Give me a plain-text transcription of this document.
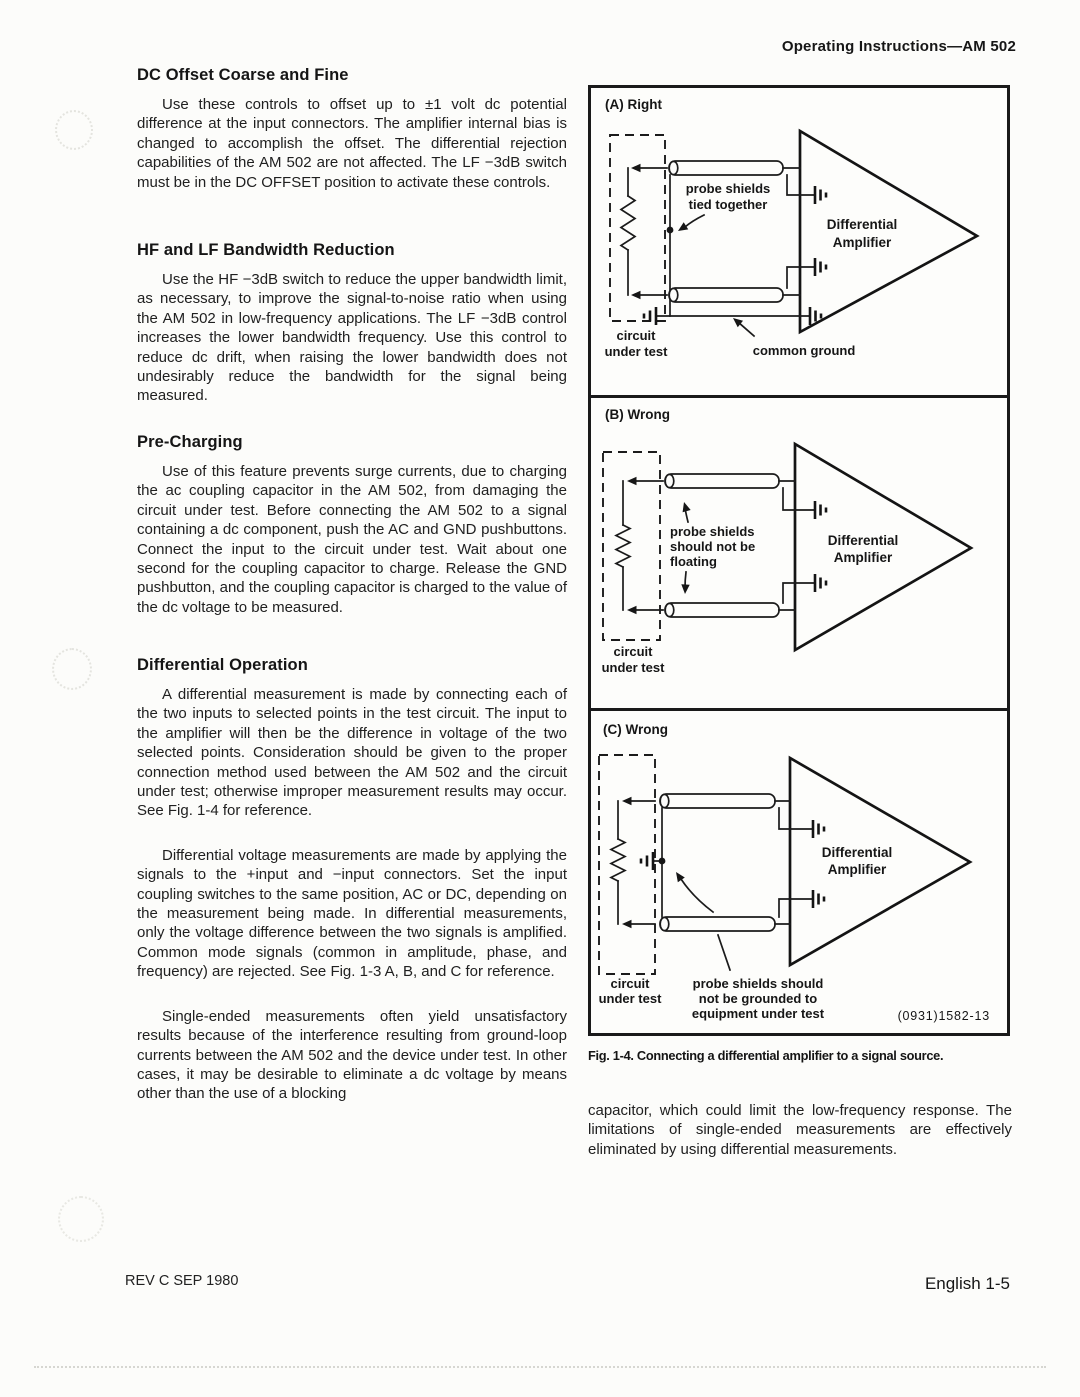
Operating Instructions—AM 502
DC Offset Coarse and Fine

Use these controls to offset up to ±1 volt dc potential difference at the input connectors. The amplifier internal bias is changed to accomplish the offset. The differential rejection capabilities of the AM 502 are not affected. The LF −3dB switch must be in the DC OFFSET position to activate these controls.

HF and LF Bandwidth Reduction

Use the HF −3dB switch to reduce the upper bandwidth limit, as necessary, to improve the signal-to-noise ratio when using the AM 502 in low-frequency applications. The LF −3dB control increases the lower bandwidth frequency. Use this control to reduce dc drift, when raising the lower bandwidth does not undesirably reduce the bandwidth for the signal being measured.

Pre-Charging

Use of this feature prevents surge currents, due to charging the ac coupling capacitor in the AM 502, from damaging the circuit under test. Before connecting the AM 502 to a signal containing a dc component, push the AC and GND pushbuttons. Connect the input to the circuit under test. Wait about one second for the coupling capacitor to charge. Release the GND pushbutton, and the coupling capacitor is charged to the value of the dc voltage to be measured.

Differential Operation

A differential measurement is made by connecting each of the two inputs to selected points in the test circuit. The input to the amplifier will then be the difference in voltage of the two selected points. Consideration should be given to the proper connection method used between the AM 502 and the circuit under test; otherwise improper measurement results may occur. See Fig. 1-4 for reference.

Differential voltage measurements are made by applying the signals to the +input and −input connectors. Set the input coupling switches to the same position, AC or DC, depending on the measurement being made. In differential measurements, only the voltage difference between the two signals is amplified. Common mode signals (common in amplitude, phase, and frequency) are rejected. See Fig. 1-3 A, B, and C for reference.

Single-ended measurements often yield unsatisfactory results because of the interference resulting from ground-loop currents between the AM 502 and the device under test. In other cases, it may be desirable to eliminate a dc voltage by means other than the use of a blocking

(A) Right
Differential
Amplifier
probe shields
tied together
common ground
circuit
under test
(B) Wrong
Differential
Amplifier
probe shields
should not be
floating
circuit
under test
(C) Wrong
Differential
Amplifier
probe shields should
not be grounded to
equipment under test
circuit
under test
(0931)1582-13
Fig. 1-4. Connecting a differential amplifier to a signal source.

capacitor, which could limit the low-frequency response. The limitations of single-ended measurements are effectively eliminated by using differential measurements.

REV C SEP 1980	English 1-5
